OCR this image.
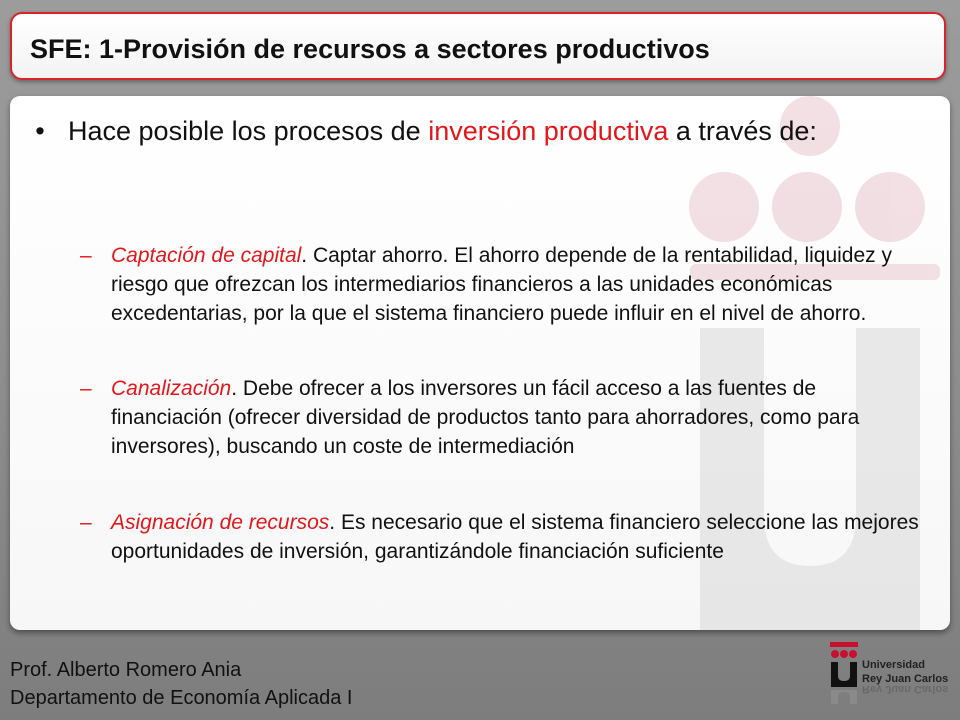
SFE: 1-Provisión de recursos a sectores productivos
• Hace posible los procesos de inversión productiva a través de:
– Captación de capital. Captar ahorro. El ahorro depende de la rentabilidad, liquidez y riesgo que ofrezcan los intermediarios financieros a las unidades económicas excedentarias, por la que el sistema financiero puede influir en el nivel de ahorro.
– Canalización. Debe ofrecer a los inversores un fácil acceso a las fuentes de financiación (ofrecer diversidad de productos tanto para ahorradores, como para inversores), buscando un coste de intermediación
– Asignación de recursos. Es necesario que el sistema financiero seleccione las mejores oportunidades de inversión, garantizándole financiación suficiente
Prof. Alberto Romero Ania
Departamento de Economía Aplicada I
Universidad
Rey Juan Carlos
Rey Juan Carlos
